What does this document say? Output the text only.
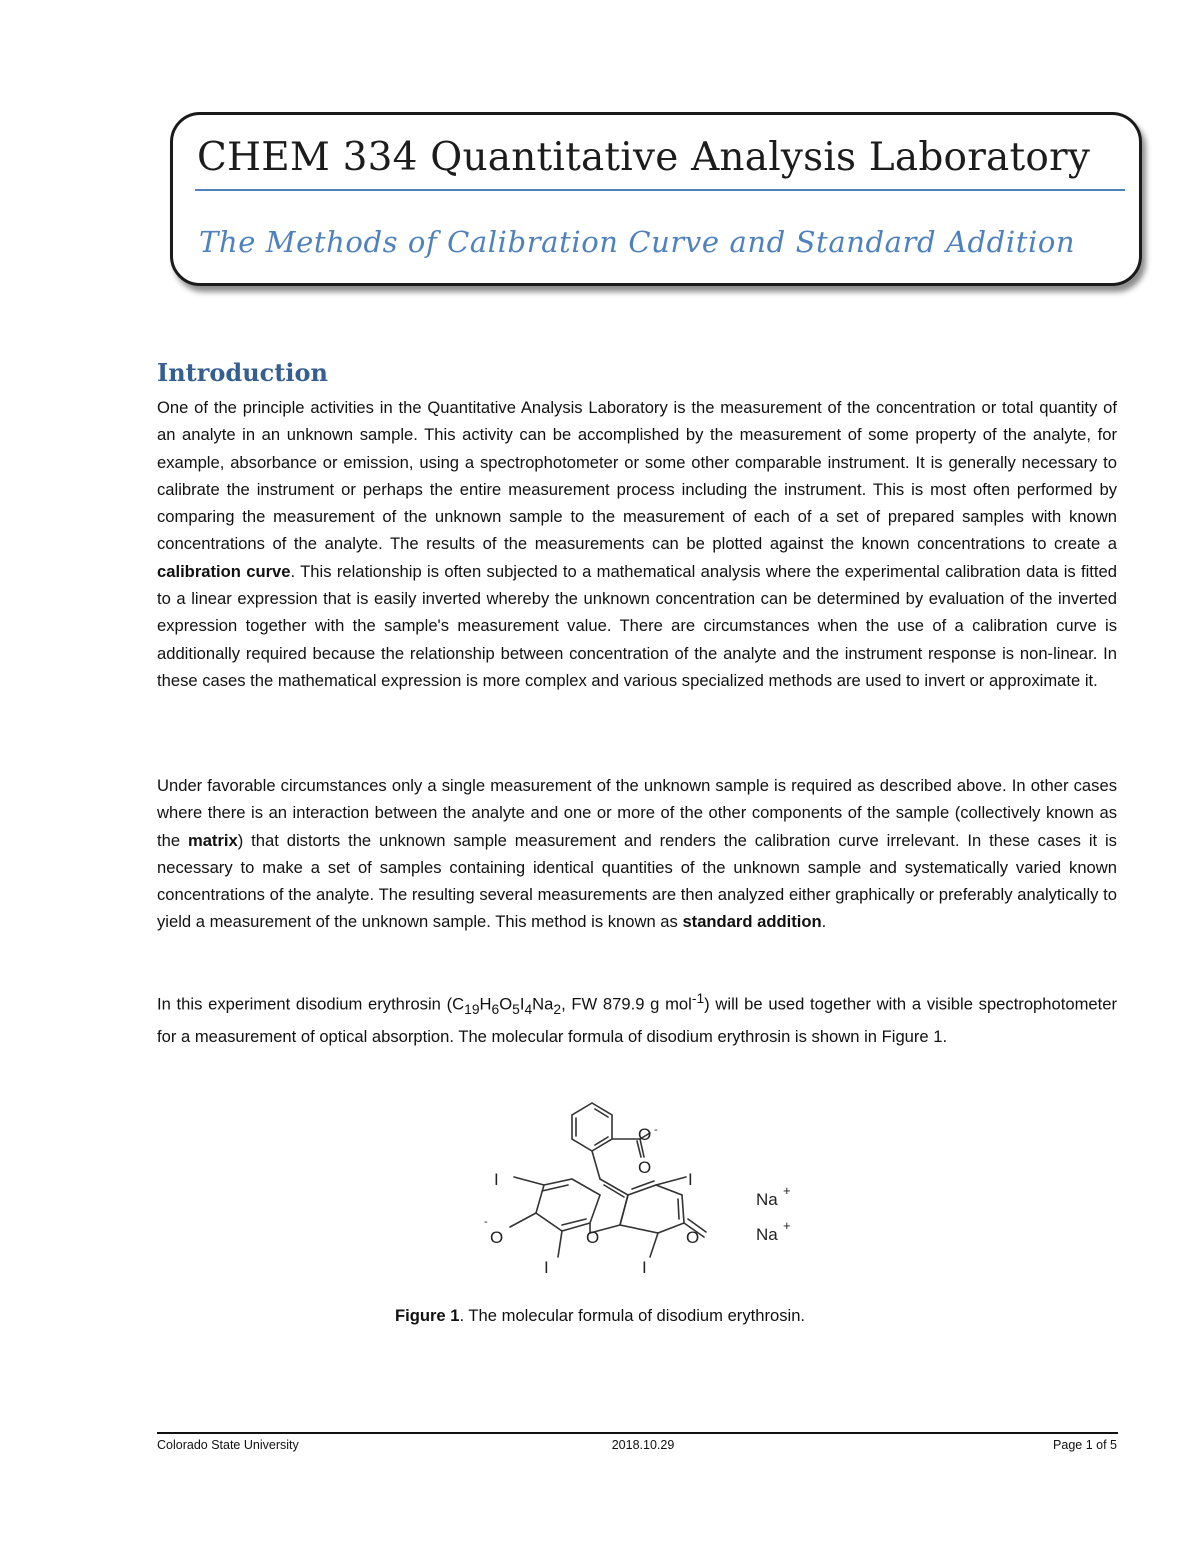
CHEM 334 Quantitative Analysis Laboratory
The Methods of Calibration Curve and Standard Addition
Introduction

One of the principle activities in the Quantitative Analysis Laboratory is the measurement of the concentration or total quantity of an analyte in an unknown sample. This activity can be accomplished by the measurement of some property of the analyte, for example, absorbance or emission, using a spectrophotometer or some other comparable instrument. It is generally necessary to calibrate the instrument or perhaps the entire measurement process including the instrument. This is most often performed by comparing the measurement of the unknown sample to the measurement of each of a set of prepared samples with known concentrations of the analyte. The results of the measurements can be plotted against the known concentrations to create a calibration curve. This relationship is often subjected to a mathematical analysis where the experimental calibration data is fitted to a linear expression that is easily inverted whereby the unknown concentration can be determined by evaluation of the inverted expression together with the sample's measurement value. There are circumstances when the use of a calibration curve is additionally required because the relationship between concentration of the analyte and the instrument response is non-linear. In these cases the mathematical expression is more complex and various specialized methods are used to invert or approximate it.

Under favorable circumstances only a single measurement of the unknown sample is required as described above. In other cases where there is an interaction between the analyte and one or more of the other components of the sample (collectively known as the matrix) that distorts the unknown sample measurement and renders the calibration curve irrelevant. In these cases it is necessary to make a set of samples containing identical quantities of the unknown sample and systematically varied known concentrations of the analyte. The resulting several measurements are then analyzed either graphically or preferably analytically to yield a measurement of the unknown sample. This method is known as standard addition.

In this experiment disodium erythrosin ($C_{19}H_6O_5I_4Na_2$, FW 879.9 g mol$^{-1}$) will be used together with a visible spectrophotometer for a measurement of optical absorption. The molecular formula of disodium erythrosin is shown in Figure 1.

O -
O
I	I
I	I
-
O	O	O
Na +
Na +
Figure 1. The molecular formula of disodium erythrosin.
Colorado State University	2018.10.29	Page 1 of 5
